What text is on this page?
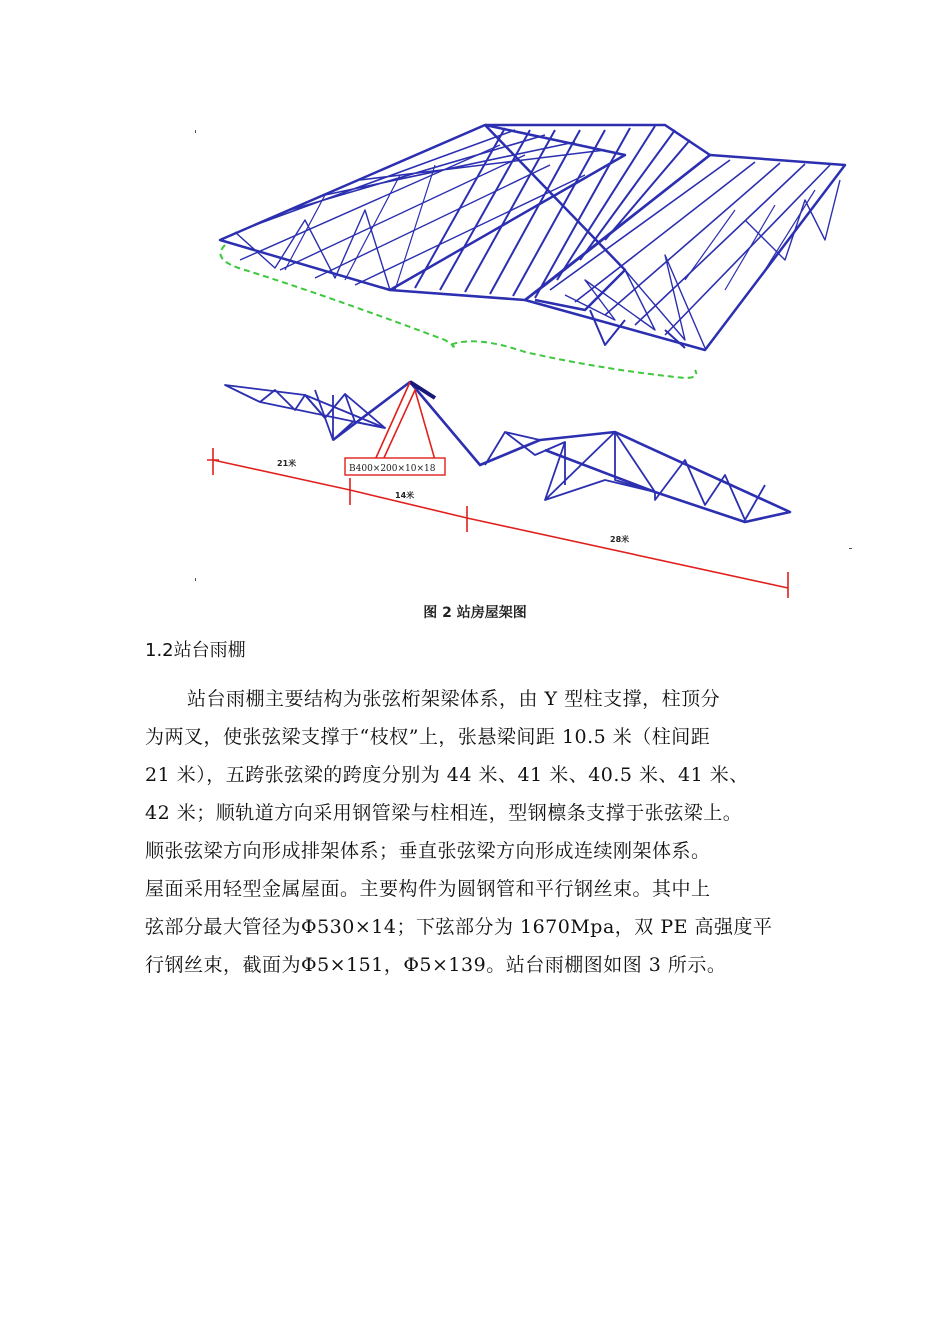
B400×200×10×18
21米
14米
28米
图 2 站房屋架图
1.2站台雨棚
站台雨棚主要结构为张弦桁架梁体系，由 Y 型柱支撑，柱顶分
为两叉，使张弦梁支撑于“枝杈”上，张悬梁间距 10.5 米（柱间距
21 米），五跨张弦梁的跨度分别为 44 米、41 米、40.5 米、41 米、
42 米；顺轨道方向采用钢管梁与柱相连，型钢檩条支撑于张弦梁上。
顺张弦梁方向形成排架体系；垂直张弦梁方向形成连续刚架体系。
屋面采用轻型金属屋面。主要构件为圆钢管和平行钢丝束。其中上
弦部分最大管径为Φ530×14；下弦部分为 1670Mpa，双 PE 高强度平
行钢丝束，截面为Φ5×151，Φ5×139。站台雨棚图如图 3 所示。
